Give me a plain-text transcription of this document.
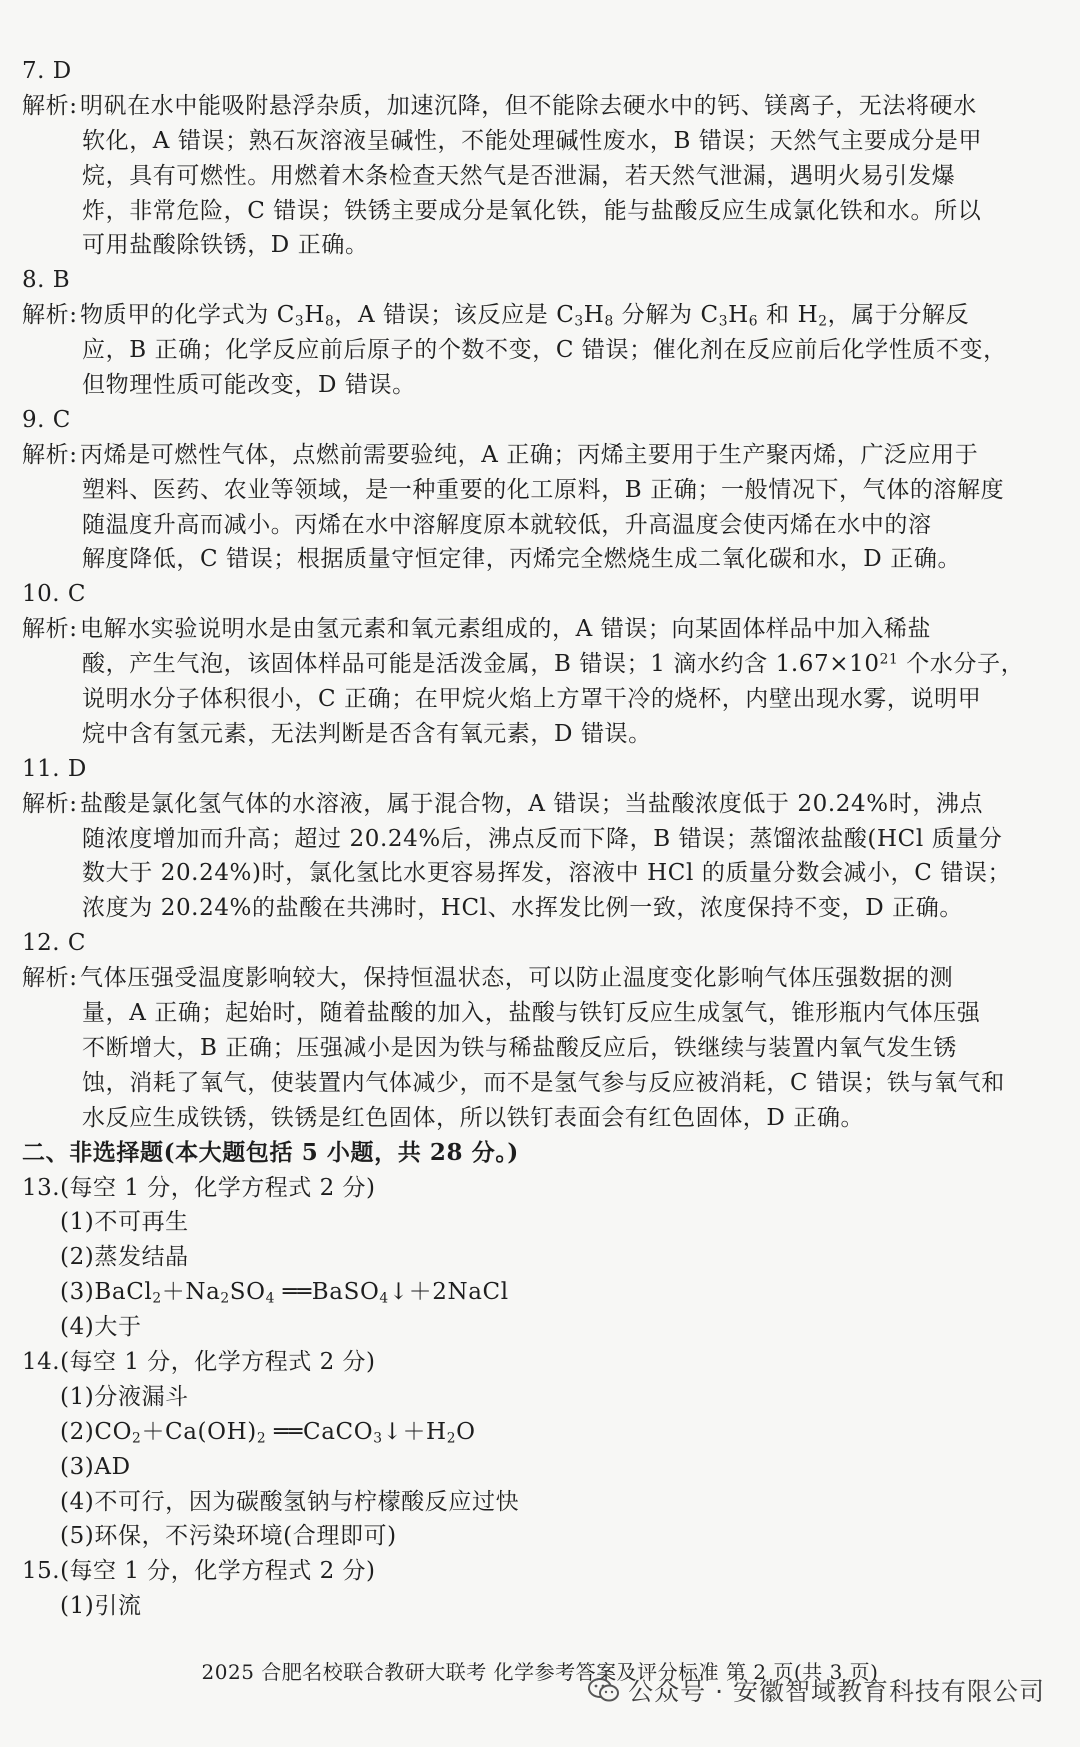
7. D
解析: 明矾在水中能吸附悬浮杂质，加速沉降，但不能除去硬水中的钙、镁离子，无法将硬水
软化，A 错误；熟石灰溶液呈碱性，不能处理碱性废水，B 错误；天然气主要成分是甲
烷，具有可燃性。用燃着木条检查天然气是否泄漏，若天然气泄漏，遇明火易引发爆
炸，非常危险，C 错误；铁锈主要成分是氧化铁，能与盐酸反应生成氯化铁和水。所以
可用盐酸除铁锈，D 正确。
8. B
解析: 物质甲的化学式为 $C_3H_8$，A 错误；该反应是 $C_3H_8$ 分解为 $C_3H_6$ 和 $H_2$，属于分解反
应，B 正确；化学反应前后原子的个数不变，C 错误；催化剂在反应前后化学性质不变，
但物理性质可能改变，D 错误。
9. C
解析: 丙烯是可燃性气体，点燃前需要验纯，A 正确；丙烯主要用于生产聚丙烯，广泛应用于
塑料、医药、农业等领域，是一种重要的化工原料，B 正确；一般情况下，气体的溶解度
随温度升高而减小。丙烯在水中溶解度原本就较低，升高温度会使丙烯在水中的溶
解度降低，C 错误；根据质量守恒定律，丙烯完全燃烧生成二氧化碳和水，D 正确。
10. C
解析: 电解水实验说明水是由氢元素和氧元素组成的，A 错误；向某固体样品中加入稀盐
酸，产生气泡，该固体样品可能是活泼金属，B 错误；1 滴水约含 $1.67\times 10^{21}$ 个水分子，
说明水分子体积很小，C 正确；在甲烷火焰上方罩干冷的烧杯，内壁出现水雾，说明甲
烷中含有氢元素，无法判断是否含有氧元素，D 错误。
11. D
解析: 盐酸是氯化氢气体的水溶液，属于混合物，A 错误；当盐酸浓度低于 20.24%时，沸点
随浓度增加而升高；超过 20.24%后，沸点反而下降，B 错误；蒸馏浓盐酸(HCl 质量分
数大于 20.24%)时，氯化氢比水更容易挥发，溶液中 HCl 的质量分数会减小，C 错误；
浓度为 20.24%的盐酸在共沸时，HCl、水挥发比例一致，浓度保持不变，D 正确。
12. C
解析: 气体压强受温度影响较大，保持恒温状态，可以防止温度变化影响气体压强数据的测
量，A 正确；起始时，随着盐酸的加入，盐酸与铁钉反应生成氢气，锥形瓶内气体压强
不断增大，B 正确；压强减小是因为铁与稀盐酸反应后，铁继续与装置内氧气发生锈
蚀，消耗了氧气，使装置内气体减少，而不是氢气参与反应被消耗，C 错误；铁与氧气和
水反应生成铁锈，铁锈是红色固体，所以铁钉表面会有红色固体，D 正确。
二、非选择题(本大题包括 5 小题，共 28 分。)
13.(每空 1 分，化学方程式 2 分)
(1)不可再生
(2)蒸发结晶
$(3)BaCl_2+Na_2SO_4$ ══BaSO$_4$↓＋2NaCl
(4)大于
14.(每空 1 分，化学方程式 2 分)
(1)分液漏斗
$(2)CO_2+Ca(OH)_2$ $══CaCO_3↓+H_2O$
(3)AD
(4)不可行，因为碳酸氢钠与柠檬酸反应过快
(5)环保，不污染环境(合理即可)
15.(每空 1 分，化学方程式 2 分)
(1)引流
2025 合肥名校联合教研大联考 化学参考答案及评分标准 第 2 页(共 3 页)
公众号 · 安徽智域教育科技有限公司
